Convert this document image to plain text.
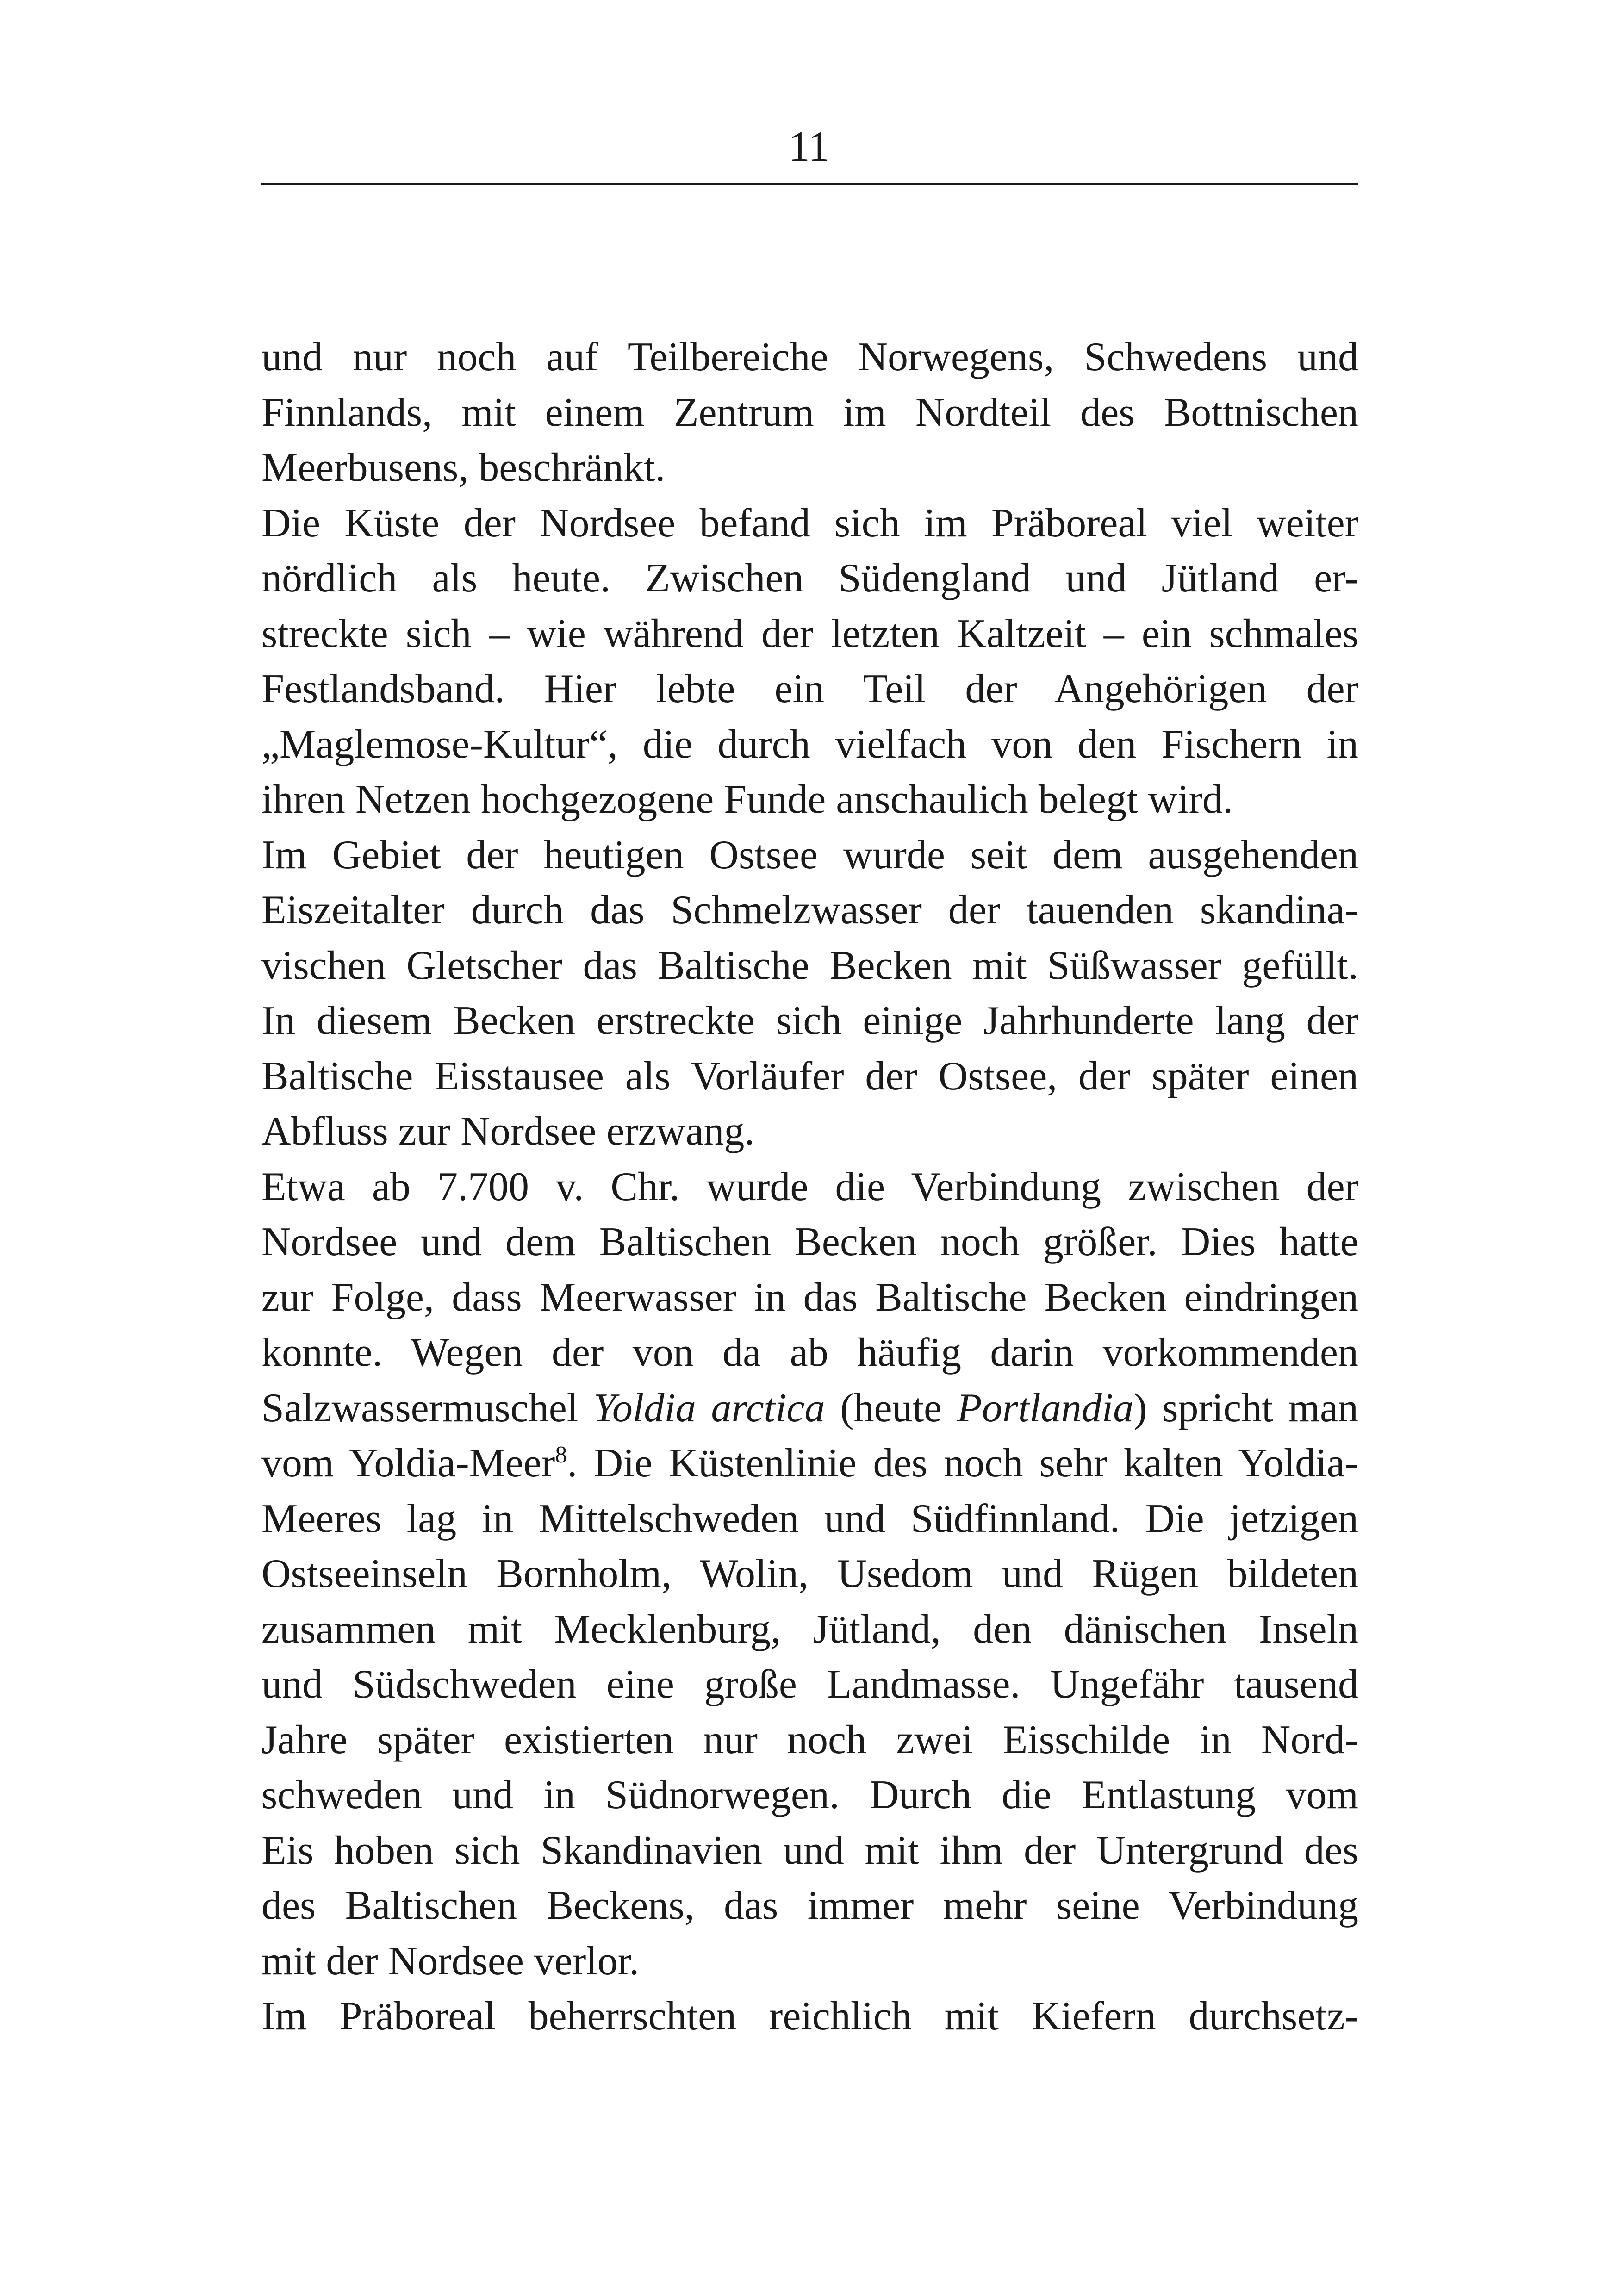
11
und nur noch auf Teilbereiche Norwegens, Schwedens und
Finnlands, mit einem Zentrum im Nordteil des Bottnischen
Meerbusens, beschränkt.
Die Küste der Nordsee befand sich im Präboreal viel weiter
nördlich als heute. Zwischen Südengland und Jütland er-
streckte sich – wie während der letzten Kaltzeit – ein schmales
Festlandsband. Hier lebte ein Teil der Angehörigen der
„Maglemose-Kultur“, die durch vielfach von den Fischern in
ihren Netzen hochgezogene Funde anschaulich belegt wird.
Im Gebiet der heutigen Ostsee wurde seit dem ausgehenden
Eiszeitalter durch das Schmelzwasser der tauenden skandina-
vischen Gletscher das Baltische Becken mit Süßwasser gefüllt.
In diesem Becken erstreckte sich einige Jahrhunderte lang der
Baltische Eisstausee als Vorläufer der Ostsee, der später einen
Abfluss zur Nordsee erzwang.
Etwa ab 7.700 v. Chr. wurde die Verbindung zwischen der
Nordsee und dem Baltischen Becken noch größer. Dies hatte
zur Folge, dass Meerwasser in das Baltische Becken eindringen
konnte. Wegen der von da ab häufig darin vorkommenden
Salzwassermuschel Yoldia arctica (heute Portlandia) spricht man
vom Yoldia-Meer$^8$. Die Küstenlinie des noch sehr kalten Yoldia-
Meeres lag in Mittelschweden und Südfinnland. Die jetzigen
Ostseeinseln Bornholm, Wolin, Usedom und Rügen bildeten
zusammen mit Mecklenburg, Jütland, den dänischen Inseln
und Südschweden eine große Landmasse. Ungefähr tausend
Jahre später existierten nur noch zwei Eisschilde in Nord-
schweden und in Südnorwegen. Durch die Entlastung vom
Eis hoben sich Skandinavien und mit ihm der Untergrund des
des Baltischen Beckens, das immer mehr seine Verbindung
mit der Nordsee verlor.
Im Präboreal beherrschten reichlich mit Kiefern durchsetz-
